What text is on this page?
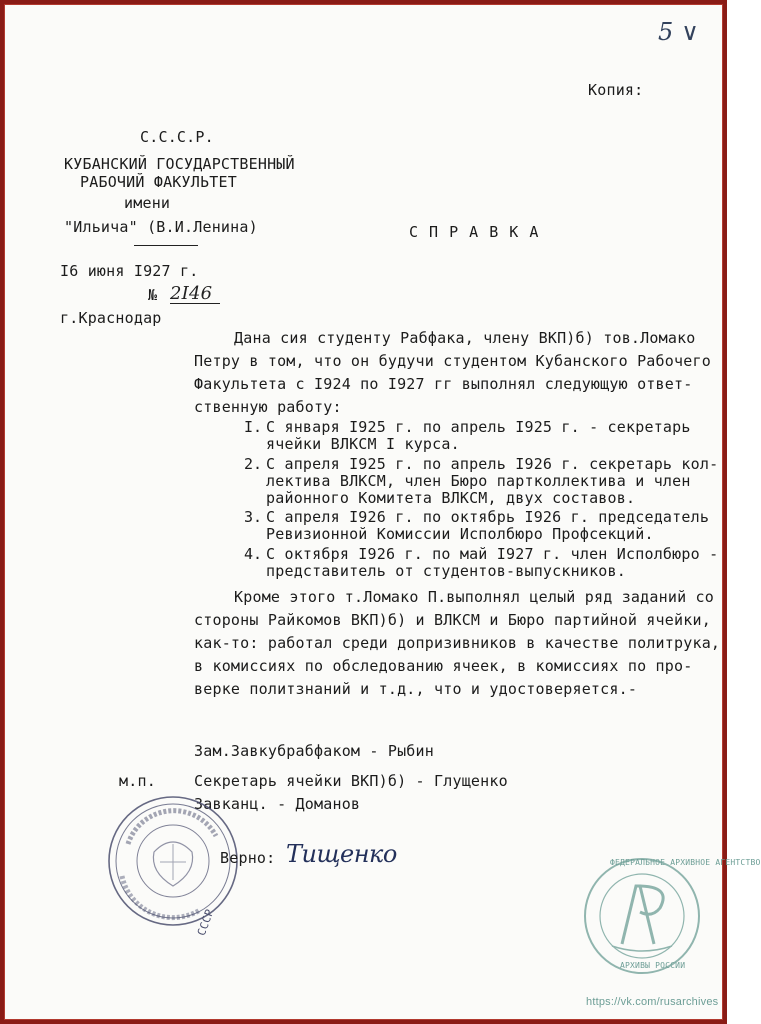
5 ∨
Копия:
С.С.С.Р.
КУБАНСКИЙ ГОСУДАРСТВЕННЫЙ
РАБОЧИЙ ФАКУЛЬТЕТ
имени
"Ильича" (В.И.Ленина)
I6 июня I927 г.
№ 2I46
г.Краснодар
С П Р А В К А
Дана сия студенту Рабфака, члену ВКП)б) тов.Ломако
Петру в том, что он будучи студентом Кубанского Рабочего
Факультета с I924 по I927 гг выполнял следующую ответ-
ственную работу:
I. С января I925 г. по апрель I925 г. - секретарь
ячейки ВЛКСМ I курса.
2. С апреля I925 г. по апрель I926 г. секретарь кол-
лектива ВЛКСМ, член Бюро партколлектива и член
районного Комитета ВЛКСМ, двух составов.
3. С апреля I926 г. по октябрь I926 г. председатель
Ревизионной Комиссии Исполбюро Профсекций.
4. С октября I926 г. по май I927 г. член Исполбюро -
представитель от студентов-выпускников.
Кроме этого т.Ломако П.выполнял целый ряд заданий со
стороны Райкомов ВКП)б) и ВЛКСМ и Бюро партийной ячейки,
как-то: работал среди допризивников в качестве политрука,
в комиссиях по обследованию ячеек, в комиссиях по про-
верке политзнаний и т.д., что и удостоверяется.-
Зам.Завкубрабфаком - Рыбин
м.п.	Секретарь ячейки ВКП)б) - Глущенко
Завканц. - Доманов
СССР
Верно: Тищенко	ФЕДЕРАЛЬНОЕ АРХИВНОЕ АГЕНТСТВО
АРХИВЫ РОССИИ
https://vk.com/rusarchives
